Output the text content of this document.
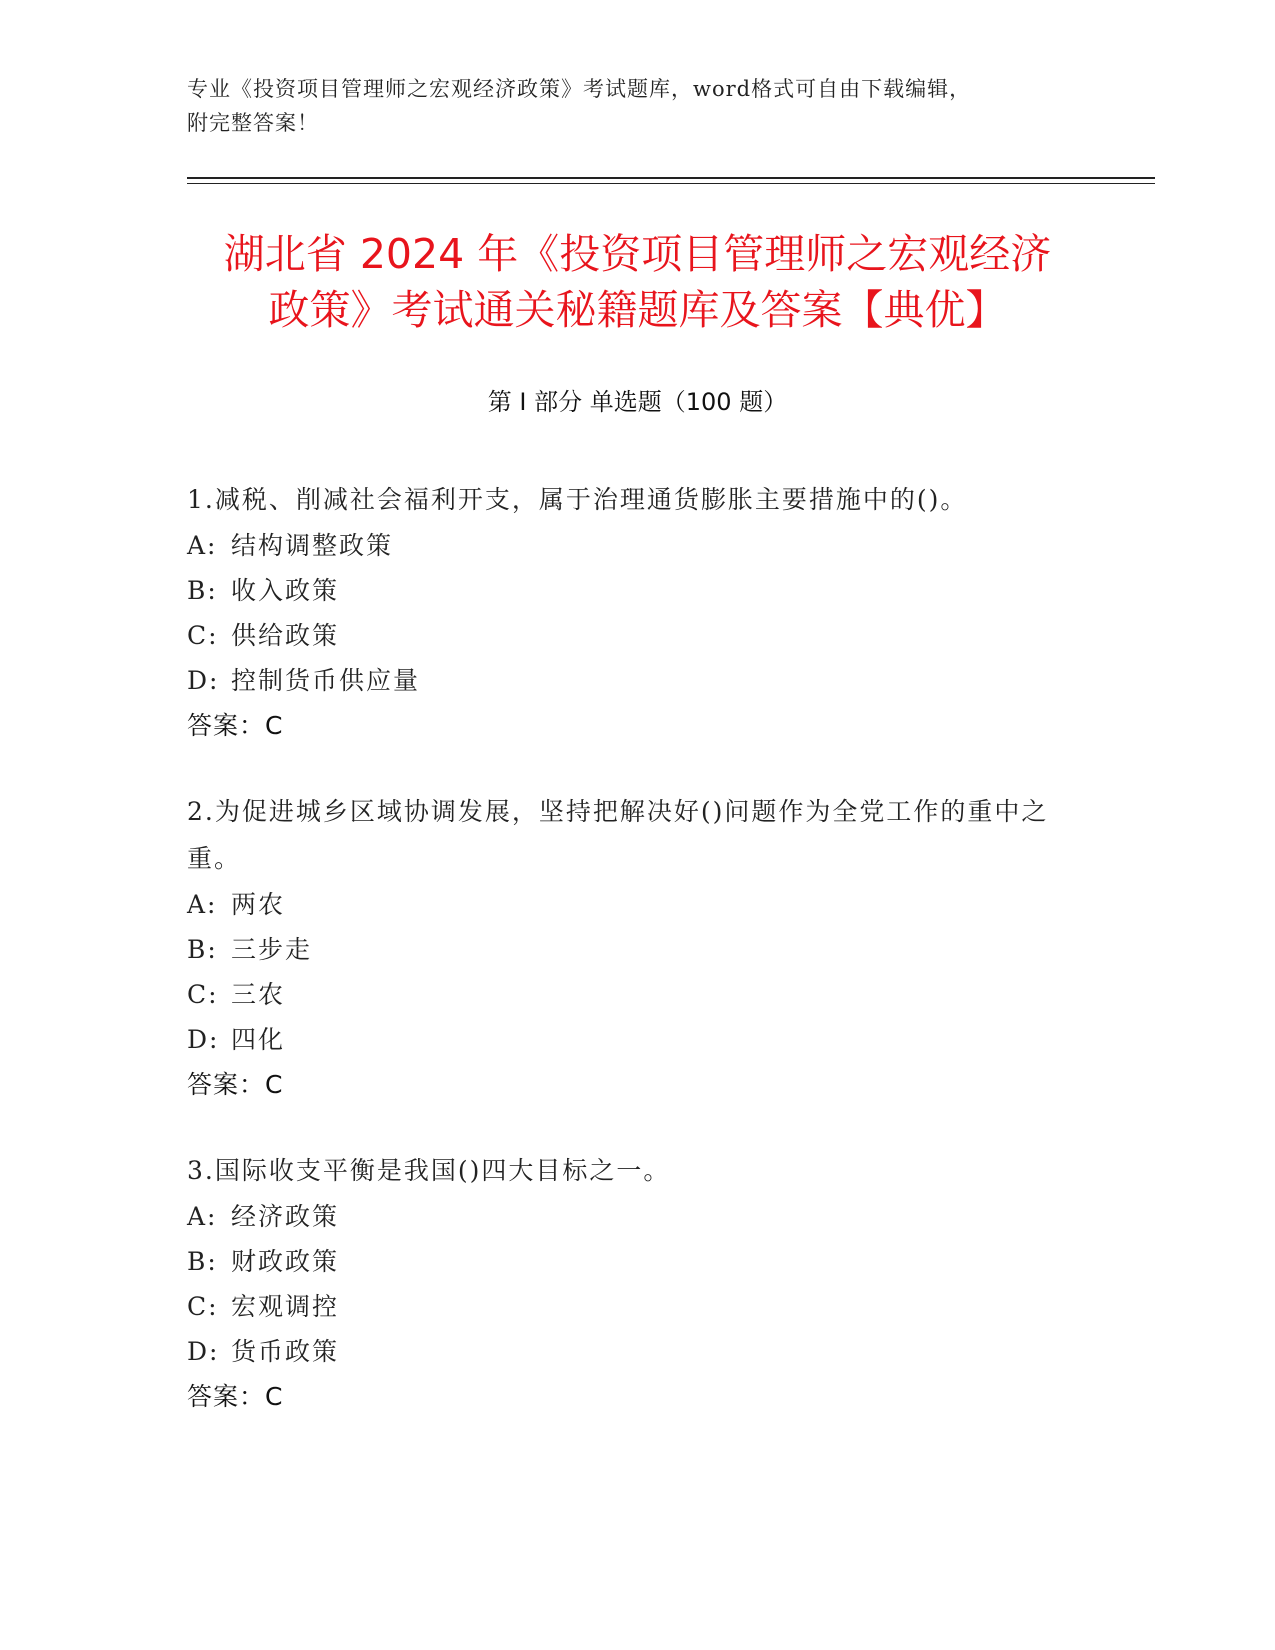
专业《投资项目管理师之宏观经济政策》考试题库，word格式可自由下载编辑，
附完整答案！
湖北省 2024 年《投资项目管理师之宏观经济
政策》考试通关秘籍题库及答案【典优】
第 I 部分 单选题（100 题）

1.减税、削减社会福利开支，属于治理通货膨胀主要措施中的()。

A: 结构调整政策

B: 收入政策

C: 供给政策

D: 控制货币供应量

答案：C

2.为促进城乡区域协调发展，坚持把解决好()问题作为全党工作的重中之重。

A: 两农

B: 三步走

C: 三农

D: 四化

答案：C

3.国际收支平衡是我国()四大目标之一。

A: 经济政策

B: 财政政策

C: 宏观调控

D: 货币政策

答案：C
